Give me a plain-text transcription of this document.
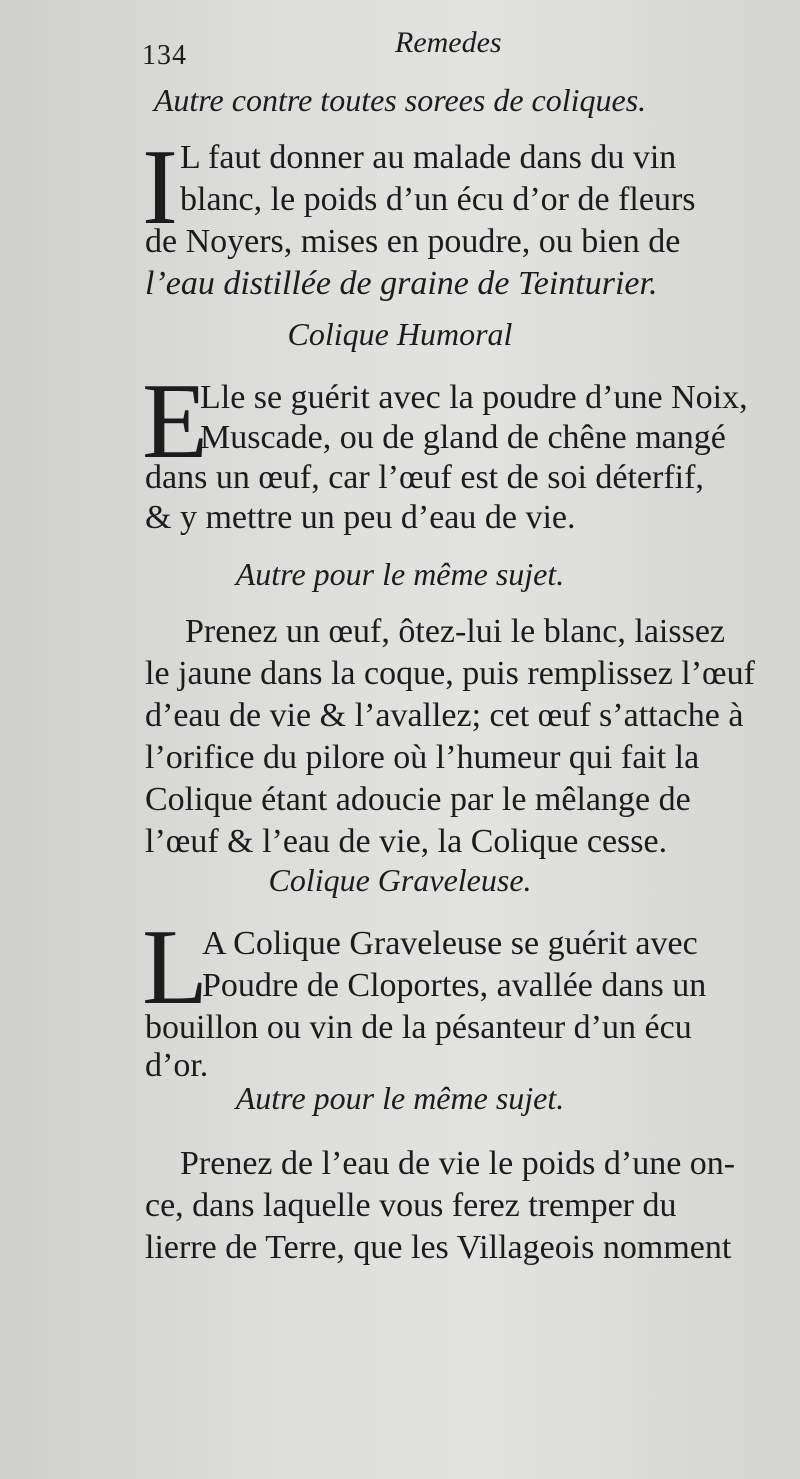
134	Remedes
Autre contre toutes sorees de coliques.
I L faut donner au malade dans du vin
blanc, le poids d’un écu d’or de fleurs
de Noyers, mises en poudre, ou bien de
l’eau distillée de graine de Teinturier.
Colique Humoral
E
Lle se guérit avec la poudre d’une Noix,
Muscade, ou de gland de chêne mangé
dans un œuf, car l’œuf est de soi déterfif,
& y mettre un peu d’eau de vie.
Autre pour le même sujet.
Prenez un œuf, ôtez-lui le blanc, laissez
le jaune dans la coque, puis remplissez l’œuf
d’eau de vie & l’avallez; cet œuf s’attache à
l’orifice du pilore où l’humeur qui fait la
Colique étant adoucie par le mêlange de
l’œuf & l’eau de vie, la Colique cesse.
Colique Graveleuse.
L
A Colique Graveleuse se guérit avec
Poudre de Cloportes, avallée dans un
bouillon ou vin de la pésanteur d’un écu
d’or.
Autre pour le même sujet.
Prenez de l’eau de vie le poids d’une on-
ce, dans laquelle vous ferez tremper du
lierre de Terre, que les Villageois nomment
